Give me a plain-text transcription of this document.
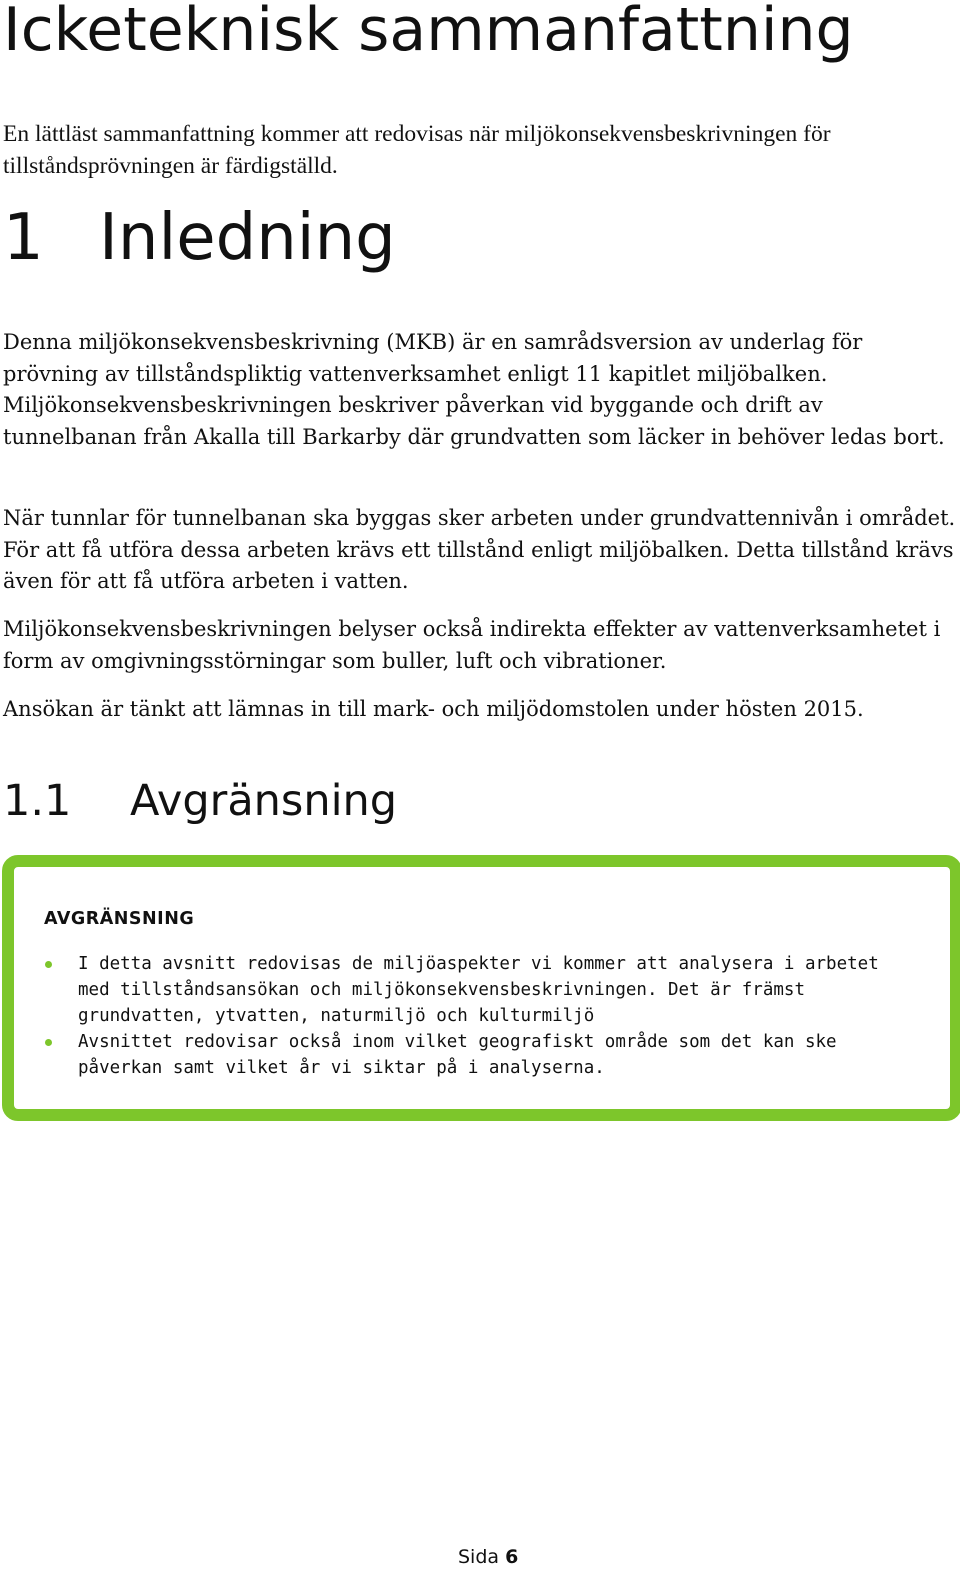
Icketeknisk sammanfattning

En lättläst sammanfattning kommer att redovisas när miljökonsekvensbeskrivningen för tillståndsprövningen är färdigställd.

1 Inledning

Denna miljökonsekvensbeskrivning (MKB) är en samrådsversion av underlag för prövning av tillståndspliktig vattenverksamhet enligt 11 kapitlet miljöbalken. Miljökonsekvensbeskrivningen beskriver påverkan vid byggande och drift av tunnelbanan från Akalla till Barkarby där grundvatten som läcker in behöver ledas bort.

När tunnlar för tunnelbanan ska byggas sker arbeten under grundvattennivån i området. För att få utföra dessa arbeten krävs ett tillstånd enligt miljöbalken. Detta tillstånd krävs även för att få utföra arbeten i vatten.

Miljökonsekvensbeskrivningen belyser också indirekta effekter av vattenverksamhetet i form av omgivningsstörningar som buller, luft och vibrationer.

Ansökan är tänkt att lämnas in till mark- och miljödomstolen under hösten 2015.

1.1 Avgränsning

AVGRÄNSNING

I detta avsnitt redovisas de miljöaspekter vi kommer att analysera i arbetet med tillståndsansökan och miljökonsekvensbeskrivningen. Det är främst grundvatten, ytvatten, naturmiljö och kulturmiljö
Avsnittet redovisar också inom vilket geografiskt område som det kan ske påverkan samt vilket år vi siktar på i analyserna.
Sida 6
